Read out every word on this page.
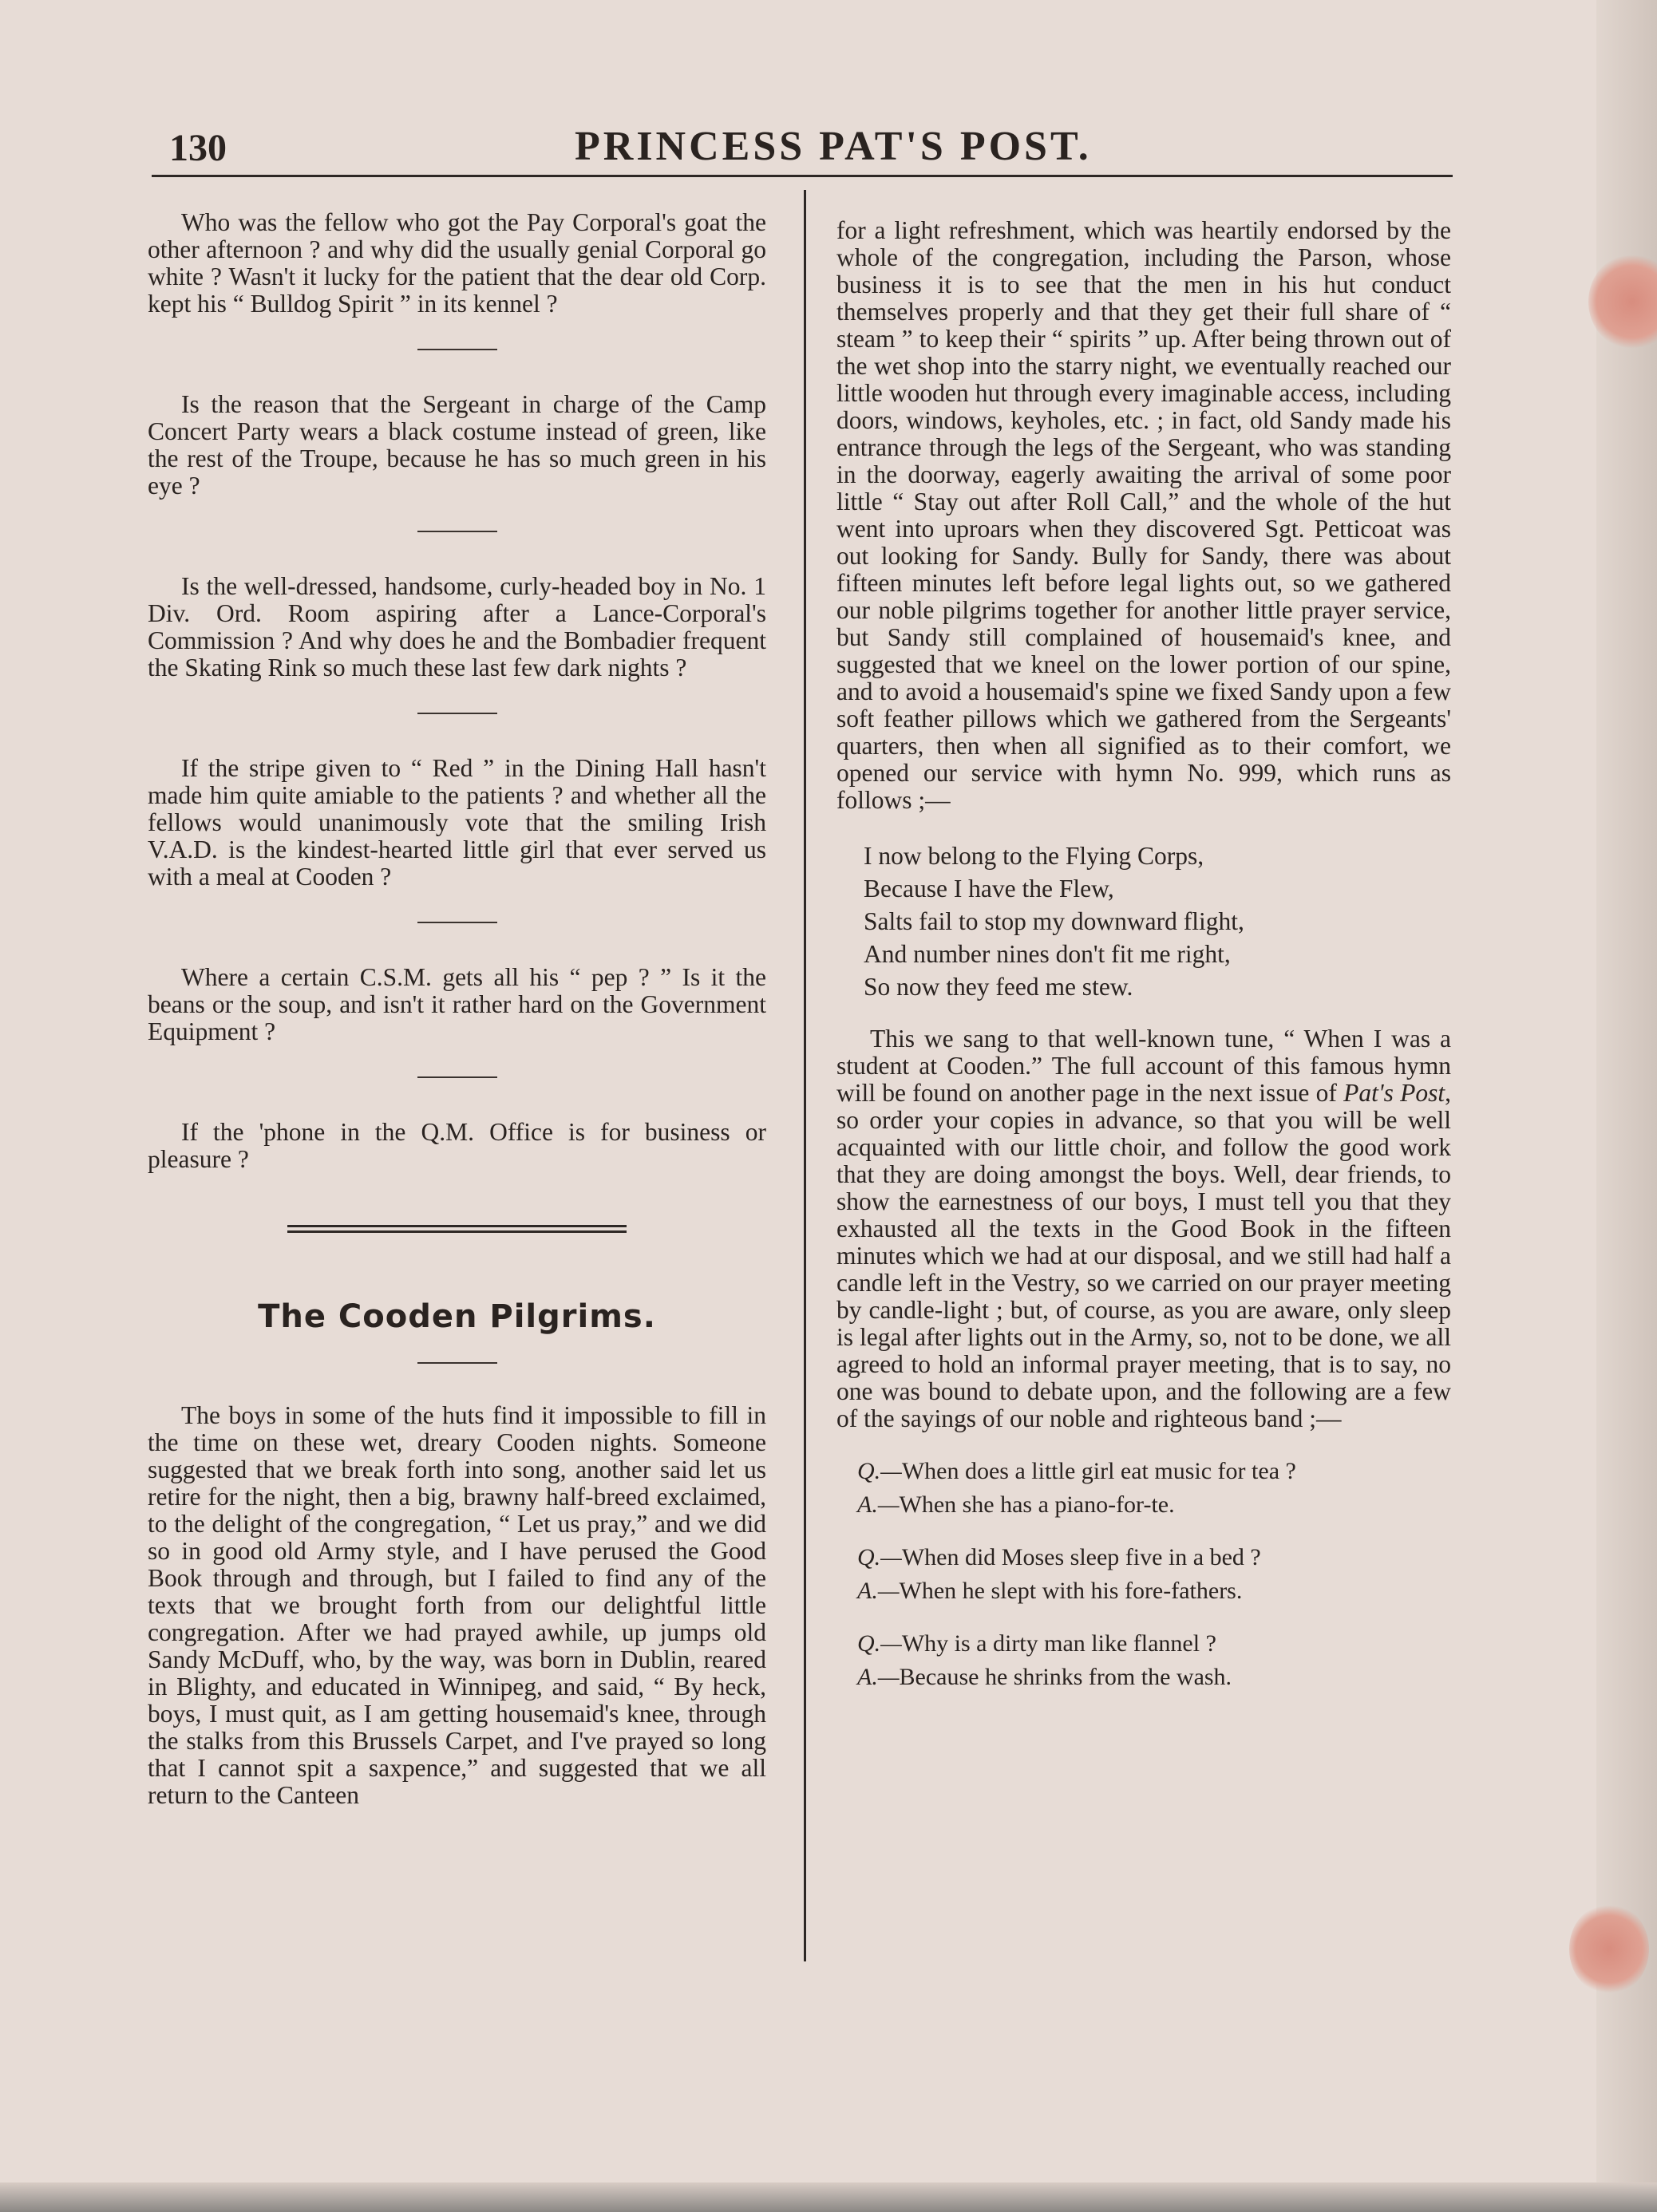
130	PRINCESS PAT'S POST.

Who was the fellow who got the Pay Corporal's goat the other afternoon ? and why did the usually genial Corporal go white ? Wasn't it lucky for the patient that the dear old Corp. kept his “ Bulldog Spirit ” in its kennel ?

Is the reason that the Sergeant in charge of the Camp Concert Party wears a black costume instead of green, like the rest of the Troupe, because he has so much green in his eye ?

Is the well-dressed, handsome, curly-headed boy in No. 1 Div. Ord. Room aspiring after a Lance-Corporal's Commission ? And why does he and the Bombadier frequent the Skating Rink so much these last few dark nights ?

If the stripe given to “ Red ” in the Dining Hall hasn't made him quite amiable to the patients ? and whether all the fellows would unanimously vote that the smiling Irish V.A.D. is the kindest-hearted little girl that ever served us with a meal at Cooden ?

Where a certain C.S.M. gets all his “ pep ? ” Is it the beans or the soup, and isn't it rather hard on the Government Equipment ?

If the 'phone in the Q.M. Office is for business or pleasure ?

The Cooden Pilgrims.

The boys in some of the huts find it impossible to fill in the time on these wet, dreary Cooden nights. Someone suggested that we break forth into song, another said let us retire for the night, then a big, brawny half-breed exclaimed, to the delight of the congregation, “ Let us pray,” and we did so in good old Army style, and I have perused the Good Book through and through, but I failed to find any of the texts that we brought forth from our delightful little congregation. After we had prayed awhile, up jumps old Sandy McDuff, who, by the way, was born in Dublin, reared in Blighty, and educated in Winnipeg, and said, “ By heck, boys, I must quit, as I am getting housemaid's knee, through the stalks from this Brussels Carpet, and I've prayed so long that I cannot spit a saxpence,” and suggested that we all return to the Canteen

for a light refreshment, which was heartily endorsed by the whole of the congregation, including the Parson, whose business it is to see that the men in his hut conduct themselves properly and that they get their full share of “ steam ” to keep their “ spirits ” up. After being thrown out of the wet shop into the starry night, we eventually reached our little wooden hut through every imaginable access, including doors, windows, keyholes, etc. ; in fact, old Sandy made his entrance through the legs of the Sergeant, who was standing in the doorway, eagerly awaiting the arrival of some poor little “ Stay out after Roll Call,” and the whole of the hut went into uproars when they discovered Sgt. Petticoat was out looking for Sandy. Bully for Sandy, there was about fifteen minutes left before legal lights out, so we gathered our noble pilgrims together for another little prayer service, but Sandy still complained of housemaid's knee, and suggested that we kneel on the lower portion of our spine, and to avoid a housemaid's spine we fixed Sandy upon a few soft feather pillows which we gathered from the Sergeants' quarters, then when all signified as to their comfort, we opened our service with hymn No. 999, which runs as follows ;—

I now belong to the Flying Corps,
Because I have the Flew,
Salts fail to stop my downward flight,
And number nines don't fit me right,
So now they feed me stew.

This we sang to that well-known tune, “ When I was a student at Cooden.” The full account of this famous hymn will be found on another page in the next issue of Pat's Post, so order your copies in advance, so that you will be well acquainted with our little choir, and follow the good work that they are doing amongst the boys. Well, dear friends, to show the earnestness of our boys, I must tell you that they exhausted all the texts in the Good Book in the fifteen minutes which we had at our disposal, and we still had half a candle left in the Vestry, so we carried on our prayer meeting by candle-light ; but, of course, as you are aware, only sleep is legal after lights out in the Army, so, not to be done, we all agreed to hold an informal prayer meeting, that is to say, no one was bound to debate upon, and the following are a few of the sayings of our noble and righteous band ;—

Q.—When does a little girl eat music for tea ?
A.—When she has a piano-for-te.
Q.—When did Moses sleep five in a bed ?
A.—When he slept with his fore-fathers.
Q.—Why is a dirty man like flannel ?
A.—Because he shrinks from the wash.
